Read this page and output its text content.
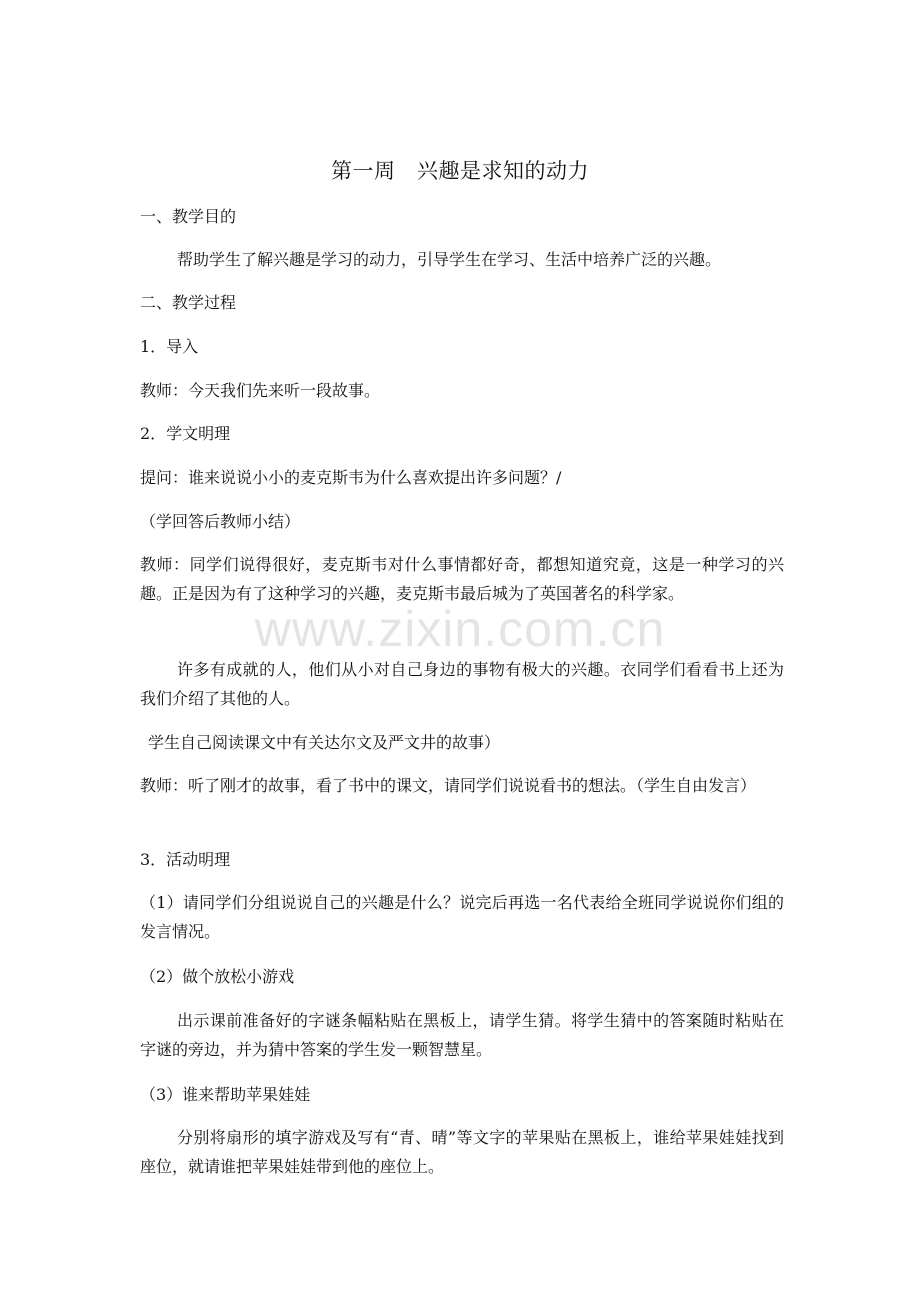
第一周　兴趣是求知的动力
一、教学目的
帮助学生了解兴趣是学习的动力，引导学生在学习、生活中培养广泛的兴趣。
二、教学过程
1．导入
教师：今天我们先来听一段故事。
2．学文明理
提问：谁来说说小小的麦克斯韦为什么喜欢提出许多问题？/
（学回答后教师小结）
教师：同学们说得很好，麦克斯韦对什么事情都好奇，都想知道究竟，这是一种学习的兴趣。正是因为有了这种学习的兴趣，麦克斯韦最后城为了英国著名的科学家。
许多有成就的人，他们从小对自己身边的事物有极大的兴趣。衣同学们看看书上还为我们介绍了其他的人。
学生自己阅读课文中有关达尔文及严文井的故事）
教师：听了刚才的故事，看了书中的课文，请同学们说说看书的想法。（学生自由发言）
3．活动明理
（1）请同学们分组说说自己的兴趣是什么？说完后再选一名代表给全班同学说说你们组的发言情况。
（2）做个放松小游戏
出示课前准备好的字谜条幅粘贴在黑板上，请学生猜。将学生猜中的答案随时粘贴在字谜的旁边，并为猜中答案的学生发一颗智慧星。
（3）谁来帮助苹果娃娃
分别将扇形的填字游戏及写有“青、晴”等文字的苹果贴在黑板上，谁给苹果娃娃找到座位，就请谁把苹果娃娃带到他的座位上。
www.zixin.com.cn
